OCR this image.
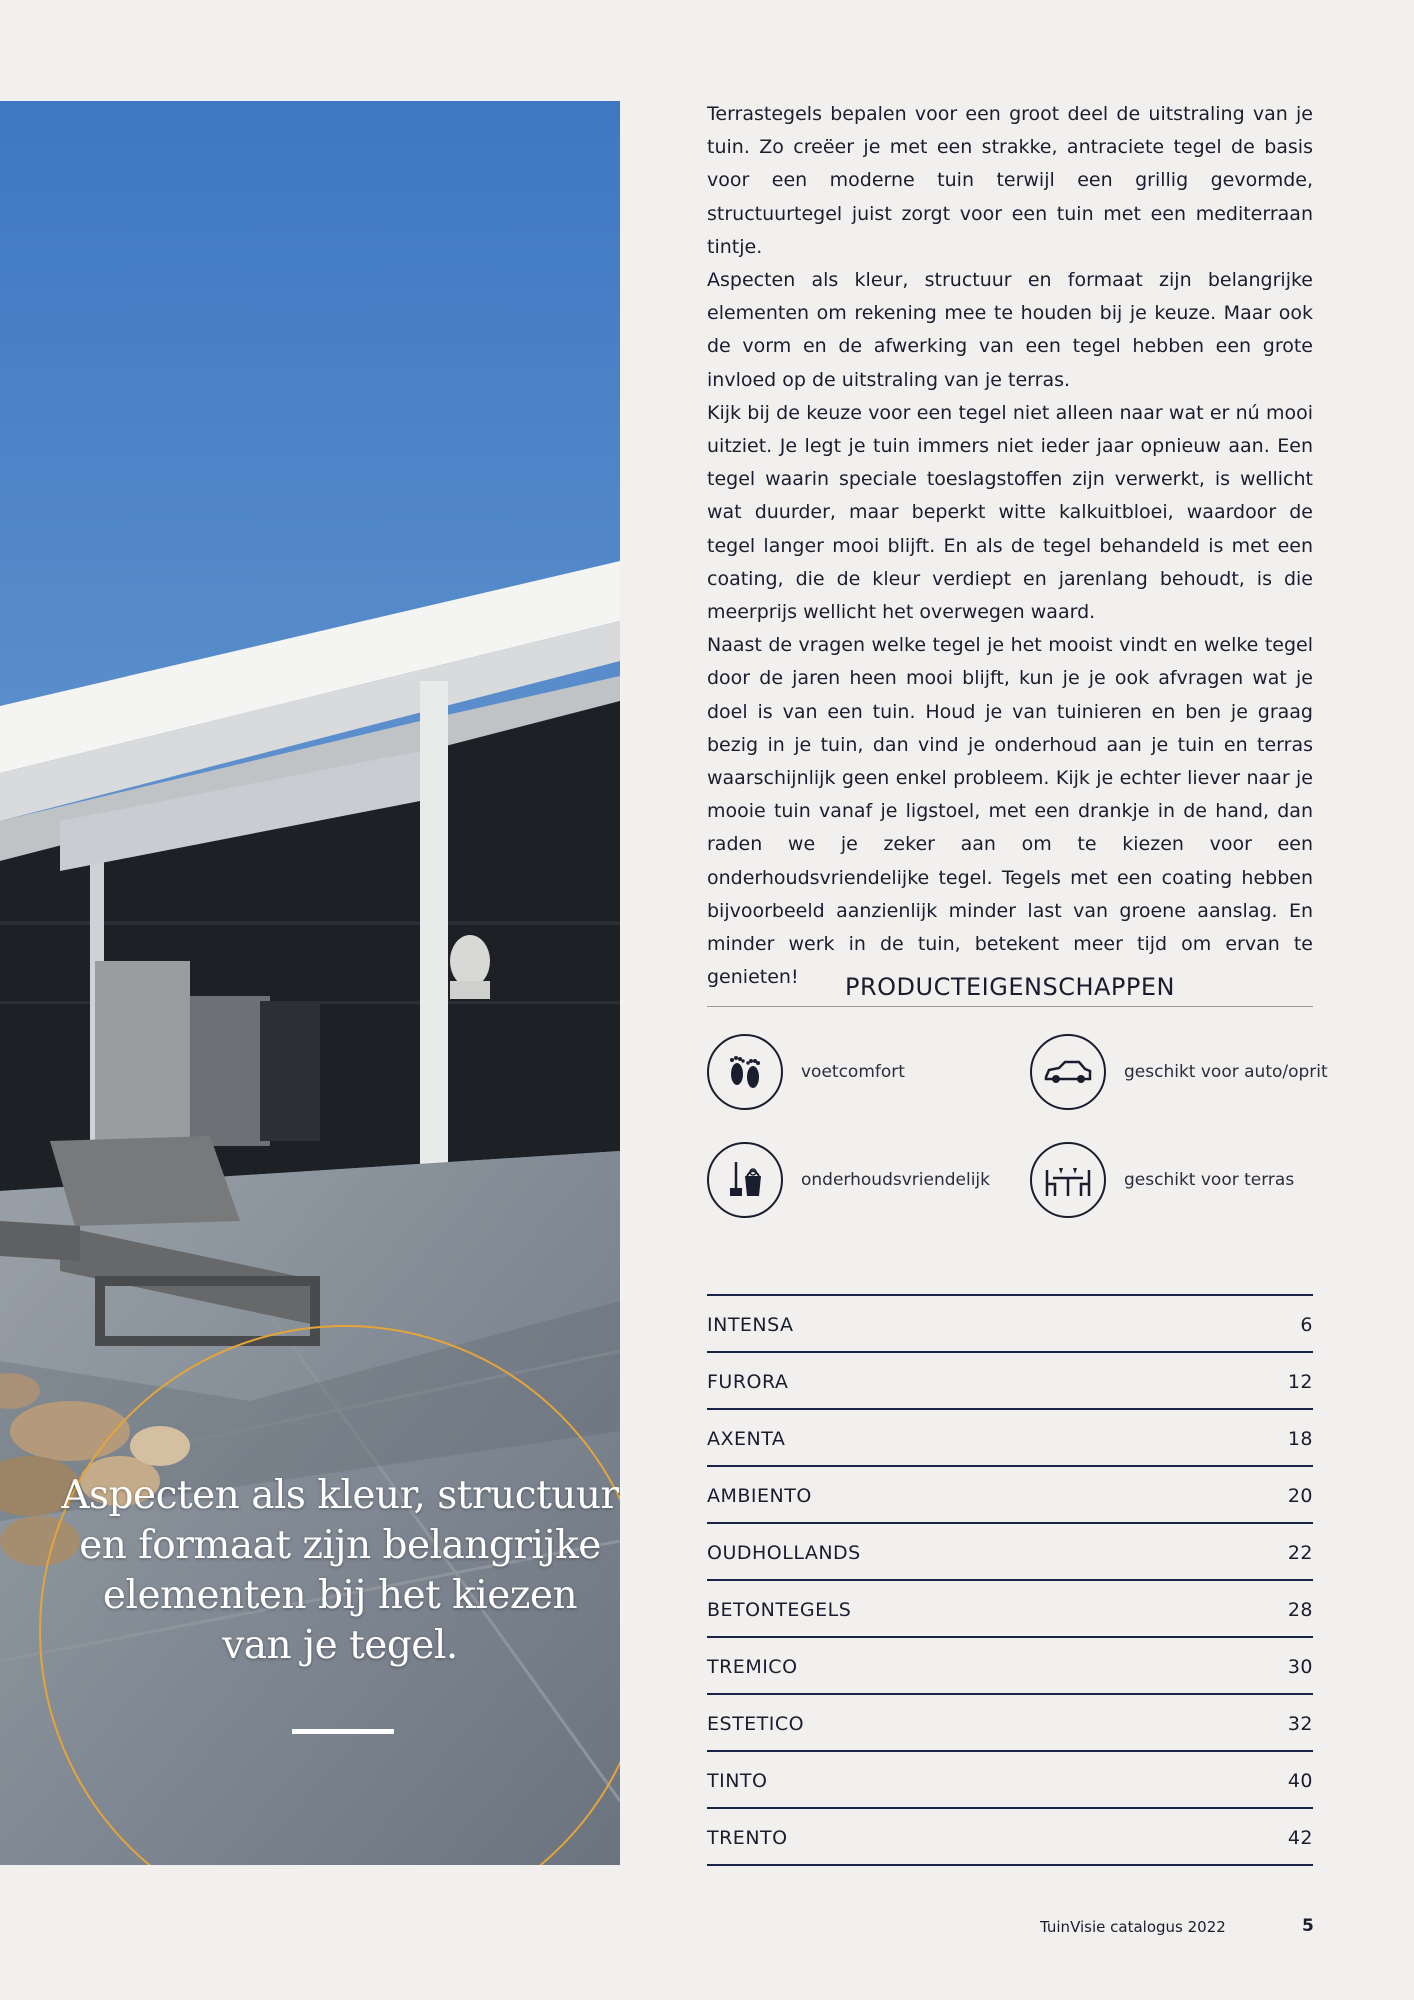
Aspecten als kleur, structuur
en formaat zijn belangrijke
elementen bij het kiezen
van je tegel.

Terrastegels bepalen voor een groot deel de uitstraling van je tuin. Zo creëer je met een strakke, antraciete tegel de basis voor een moderne tuin terwijl een grillig gevormde, structuurtegel juist zorgt voor een tuin met een mediterraan tintje.

Aspecten als kleur, structuur en formaat zijn belangrijke elementen om rekening mee te houden bij je keuze. Maar ook de vorm en de afwerking van een tegel hebben een grote invloed op de uitstraling van je terras.

Kijk bij de keuze voor een tegel niet alleen naar wat er nú mooi uitziet. Je legt je tuin immers niet ieder jaar opnieuw aan. Een tegel waarin speciale toeslagstoffen zijn verwerkt, is wellicht wat duurder, maar beperkt witte kalkuitbloei, waardoor de tegel langer mooi blijft. En als de tegel behandeld is met een coating, die de kleur verdiept en jarenlang behoudt, is die meerprijs wellicht het overwegen waard.

Naast de vragen welke tegel je het mooist vindt en welke tegel door de jaren heen mooi blijft, kun je je ook afvragen wat je doel is van een tuin. Houd je van tuinieren en ben je graag bezig in je tuin, dan vind je onderhoud aan je tuin en terras waarschijnlijk geen enkel probleem. Kijk je echter liever naar je mooie tuin vanaf je ligstoel, met een drankje in de hand, dan raden we je zeker aan om te kiezen voor een onderhoudsvriendelijke tegel. Tegels met een coating hebben bijvoorbeeld aanzienlijk minder last van groene aanslag. En minder werk in de tuin, betekent meer tijd om ervan te genieten!	PRODUCTEIGENSCHAPPEN
voetcomfort	geschikt voor auto/oprit
onderhoudsvriendelijk	geschikt voor terras
INTENSA	6
FURORA	12
AXENTA	18
AMBIENTO	20
OUDHOLLANDS	22
BETONTEGELS	28
TREMICO	30
ESTETICO	32
TINTO	40
TRENTO	42
TuinVisie catalogus 2022	5
